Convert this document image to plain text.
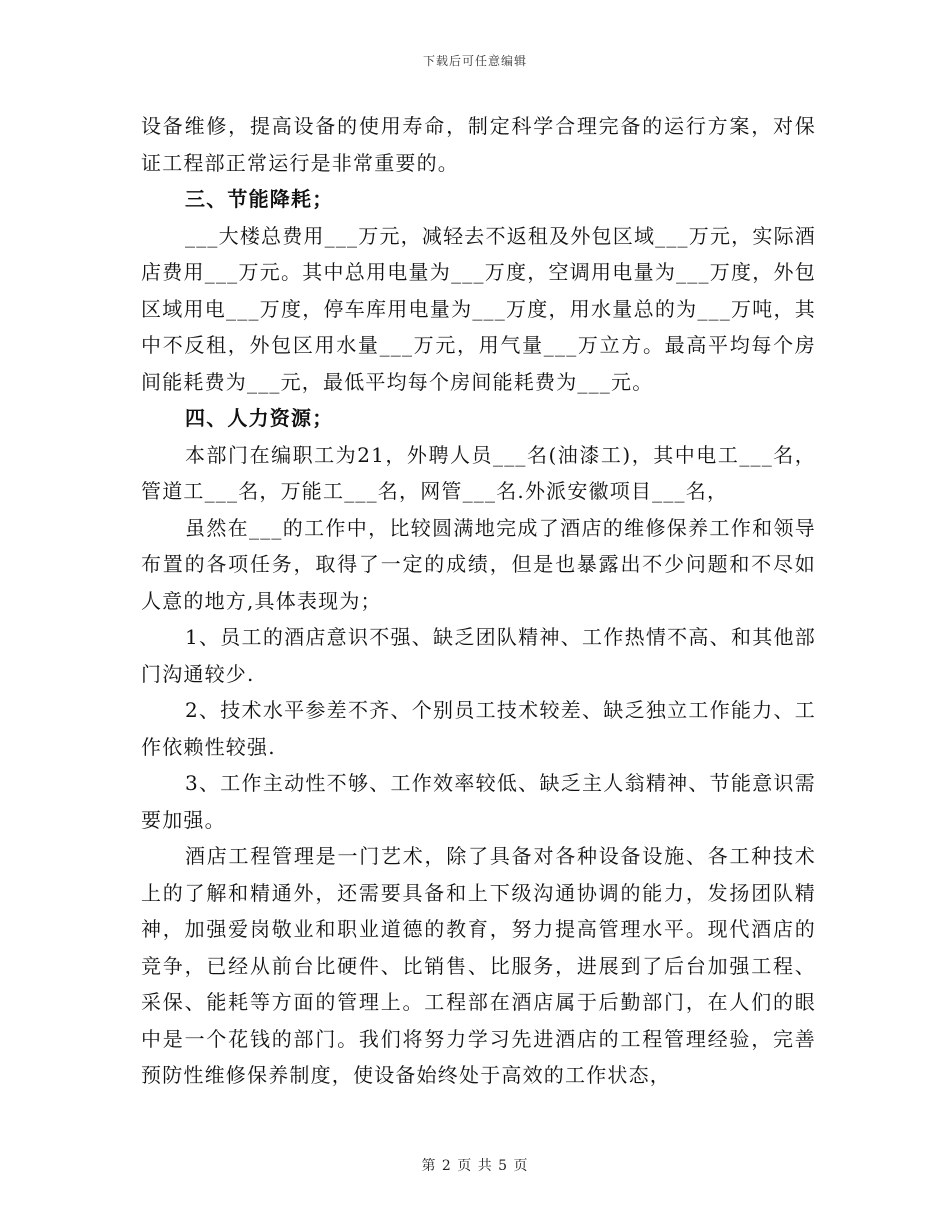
下载后可任意编辑

设备维修，提高设备的使用寿命，制定科学合理完备的运行方案，对保证工程部正常运行是非常重要的。

三、节能降耗；

___大楼总费用___万元，减轻去不返租及外包区域___万元，实际酒店费用___万元。其中总用电量为___万度，空调用电量为___万度，外包区域用电___万度，停车库用电量为___万度，用水量总的为___万吨，其中不反租，外包区用水量___万元，用气量___万立方。最高平均每个房间能耗费为___元，最低平均每个房间能耗费为___元。

四、人力资源；

本部门在编职工为21，外聘人员___名(油漆工)，其中电工___名，管道工___名，万能工___名，网管___名.外派安徽项目___名，

虽然在___的工作中，比较圆满地完成了酒店的维修保养工作和领导布置的各项任务，取得了一定的成绩，但是也暴露出不少问题和不尽如人意的地方,具体表现为；

1、员工的酒店意识不强、缺乏团队精神、工作热情不高、和其他部门沟通较少.

2、技术水平参差不齐、个别员工技术较差、缺乏独立工作能力、工作依赖性较强.

3、工作主动性不够、工作效率较低、缺乏主人翁精神、节能意识需要加强。

酒店工程管理是一门艺术，除了具备对各种设备设施、各工种技术上的了解和精通外，还需要具备和上下级沟通协调的能力，发扬团队精神，加强爱岗敬业和职业道德的教育，努力提高管理水平。现代酒店的竞争，已经从前台比硬件、比销售、比服务，进展到了后台加强工程、采保、能耗等方面的管理上。工程部在酒店属于后勤部门，在人们的眼中是一个花钱的部门。我们将努力学习先进酒店的工程管理经验，完善预防性维修保养制度，使设备始终处于高效的工作状态，

第 2 页 共 5 页
